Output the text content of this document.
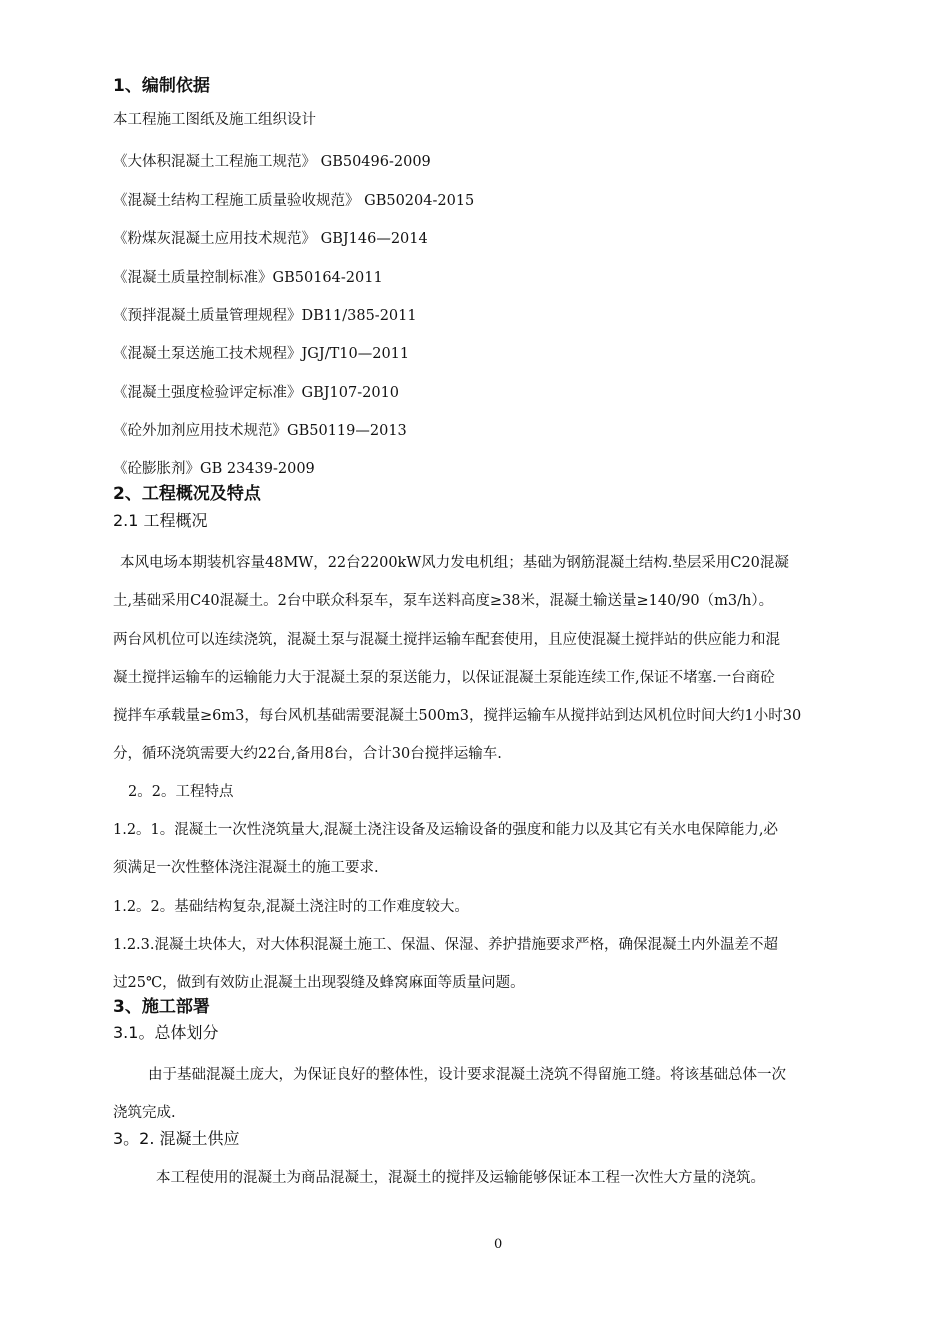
1、编制依据
本工程施工图纸及施工组织设计
《大体积混凝土工程施工规范》 GB50496-2009
《混凝土结构工程施工质量验收规范》 GB50204-2015
《粉煤灰混凝土应用技术规范》 GBJ146—2014
《混凝土质量控制标准》GB50164-2011
《预拌混凝土质量管理规程》DB11/385-2011
《混凝土泵送施工技术规程》JGJ/T10—2011
《混凝土强度检验评定标准》GBJ107-2010
《砼外加剂应用技术规范》GB50119—2013
《砼膨胀剂》GB 23439-2009
2、工程概况及特点
2.1 工程概况
本风电场本期装机容量48MW，22台2200kW风力发电机组；基础为钢筋混凝土结构.垫层采用C20混凝
土,基础采用C40混凝土。2台中联众科泵车，泵车送料高度≥38米，混凝土输送量≥140/90（m3/h）。
两台风机位可以连续浇筑，混凝土泵与混凝土搅拌运输车配套使用，且应使混凝土搅拌站的供应能力和混
凝土搅拌运输车的运输能力大于混凝土泵的泵送能力，以保证混凝土泵能连续工作,保证不堵塞.一台商砼
搅拌车承载量≥6m3，每台风机基础需要混凝土500m3，搅拌运输车从搅拌站到达风机位时间大约1小时30
分，循环浇筑需要大约22台,备用8台，合计30台搅拌运输车.
2。2。工程特点
1.2。1。混凝土一次性浇筑量大,混凝土浇注设备及运输设备的强度和能力以及其它有关水电保障能力,必
须满足一次性整体浇注混凝土的施工要求.
1.2。2。基础结构复杂,混凝土浇注时的工作难度较大。
1.2.3.混凝土块体大，对大体积混凝土施工、保温、保湿、养护措施要求严格，确保混凝土内外温差不超
过25℃，做到有效防止混凝土出现裂缝及蜂窝麻面等质量问题。
3、施工部署
3.1。总体划分
由于基础混凝土庞大，为保证良好的整体性，设计要求混凝土浇筑不得留施工缝。将该基础总体一次
浇筑完成.
3。2. 混凝土供应
本工程使用的混凝土为商品混凝土，混凝土的搅拌及运输能够保证本工程一次性大方量的浇筑。
0
